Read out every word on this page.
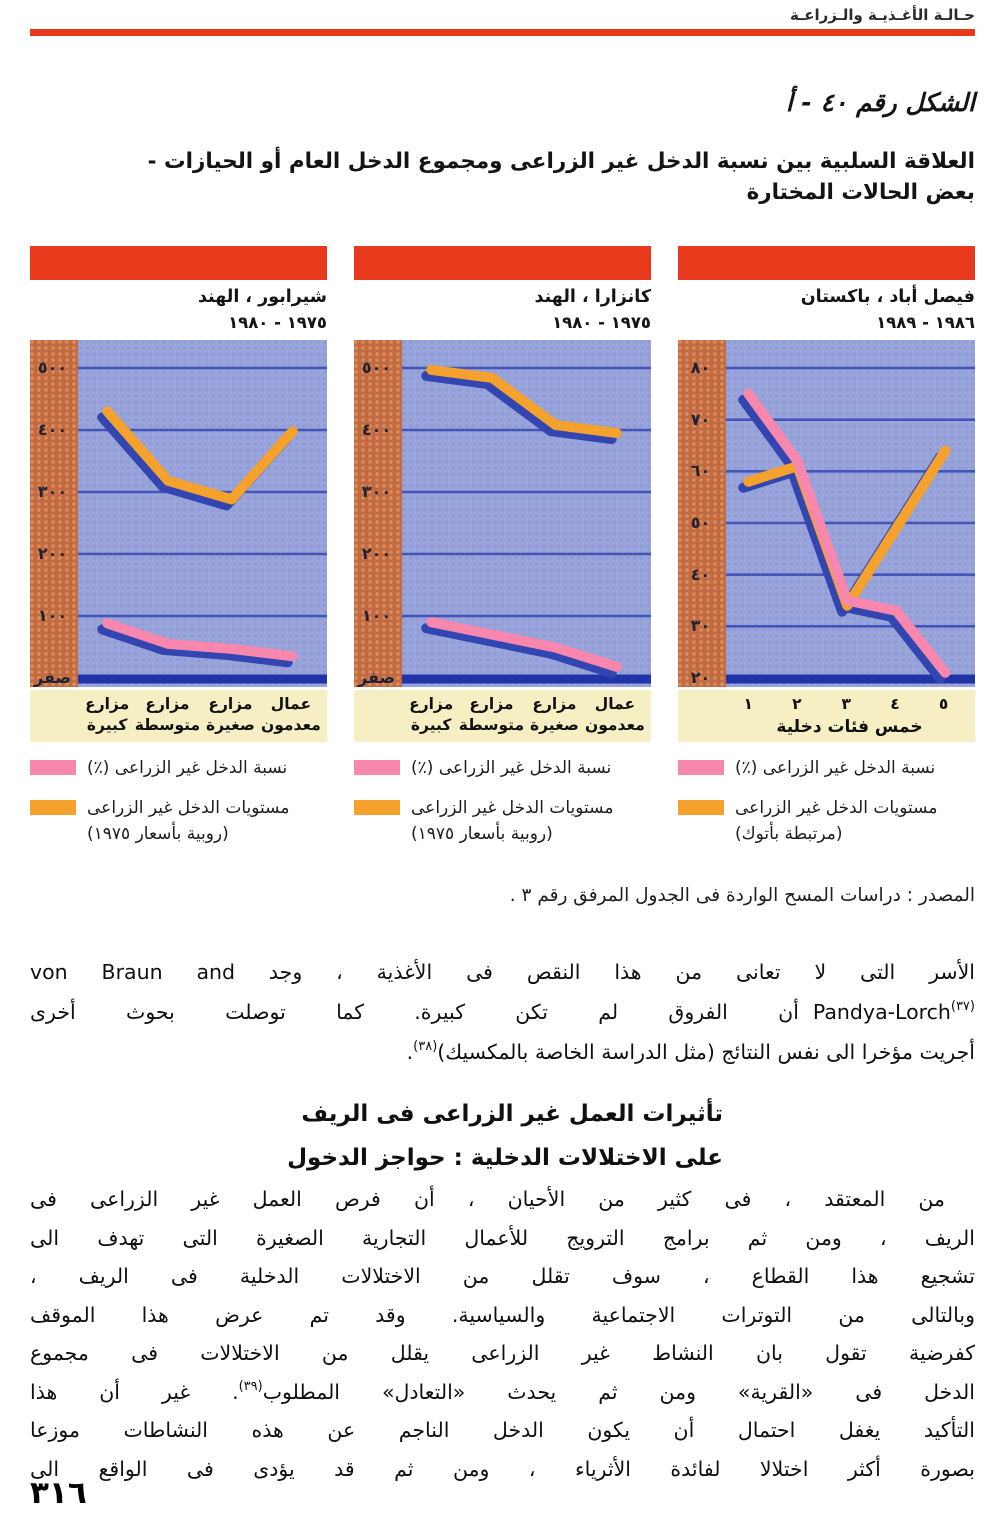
حـالـة الأغـذيـة والـزراعـة
الشكل رقم ٤٠ - أ
العلاقة السلبية بين نسبة الدخل غير الزراعى ومجموع الدخل العام أو الحيازات -
بعض الحالات المختارة
شيرابور ، الهند
١٩٧٥ - ١٩٨٠
٥٠٠
٤٠٠
٣٠٠
٢٠٠
١٠٠
صفر
مزارع
كبيرة
مزارع
متوسطة
مزارع
صغيرة
عمال
معدمون
نسبة الدخل غير الزراعى (٪)
مستويات الدخل غير الزراعى
(روبية بأسعار ١٩٧٥)
كانزارا ، الهند
١٩٧٥ - ١٩٨٠
٥٠٠
٤٠٠
٣٠٠
٢٠٠
١٠٠
صفر
مزارع
كبيرة
مزارع
متوسطة
مزارع
صغيرة
عمال
معدمون
نسبة الدخل غير الزراعى (٪)
مستويات الدخل غير الزراعى
(روبية بأسعار ١٩٧٥)
فيصل أباد ، باكستان
١٩٨٦ - ١٩٨٩
٨٠
٧٠
٦٠
٥٠
٤٠
٣٠
٢٠
١	٢	٣	٤	٥
خمس فئات دخلية
نسبة الدخل غير الزراعى (٪)
مستويات الدخل غير الزراعى
(مرتبطة بأتوك)
المصدر : دراسات المسح الواردة فى الجدول المرفق رقم ٣ .
الأسر التى لا تعانى من هذا النقص فى الأغذية ، وجد von Braun and
Pandya-Lorch$^{(٣٧)}$
أن الفروق لم تكن كبيرة. كما توصلت بحوث أخرى
أجريت مؤخرا الى نفس النتائج (مثل الدراسة الخاصة بالمكسيك)$^{(٣٨)}$.
تأثيرات العمل غير الزراعى فى الريف
على الاختلالات الدخلية : حواجز الدخول
من المعتقد ، فى كثير من الأحيان ، أن فرص العمل غير الزراعى فى
الريف ، ومن ثم برامج الترويج للأعمال التجارية الصغيرة التى تهدف الى
تشجيع هذا القطاع ، سوف تقلل من الاختلالات الدخلية فى الريف ،
وبالتالى من التوترات الاجتماعية والسياسية. وقد تم عرض هذا الموقف
كفرضية تقول بان النشاط غير الزراعى يقلل من الاختلالات فى مجموع
الدخل فى «القرية» ومن ثم يحدث «التعادل» المطلوب$^{(٣٩)}$. غير أن هذا
التأكيد يغفل احتمال أن يكون الدخل الناجم عن هذه النشاطات موزعا
بصورة أكثر اختلالا لفائدة الأثرياء ، ومن ثم قد يؤدى فى الواقع الى
٣١٦
